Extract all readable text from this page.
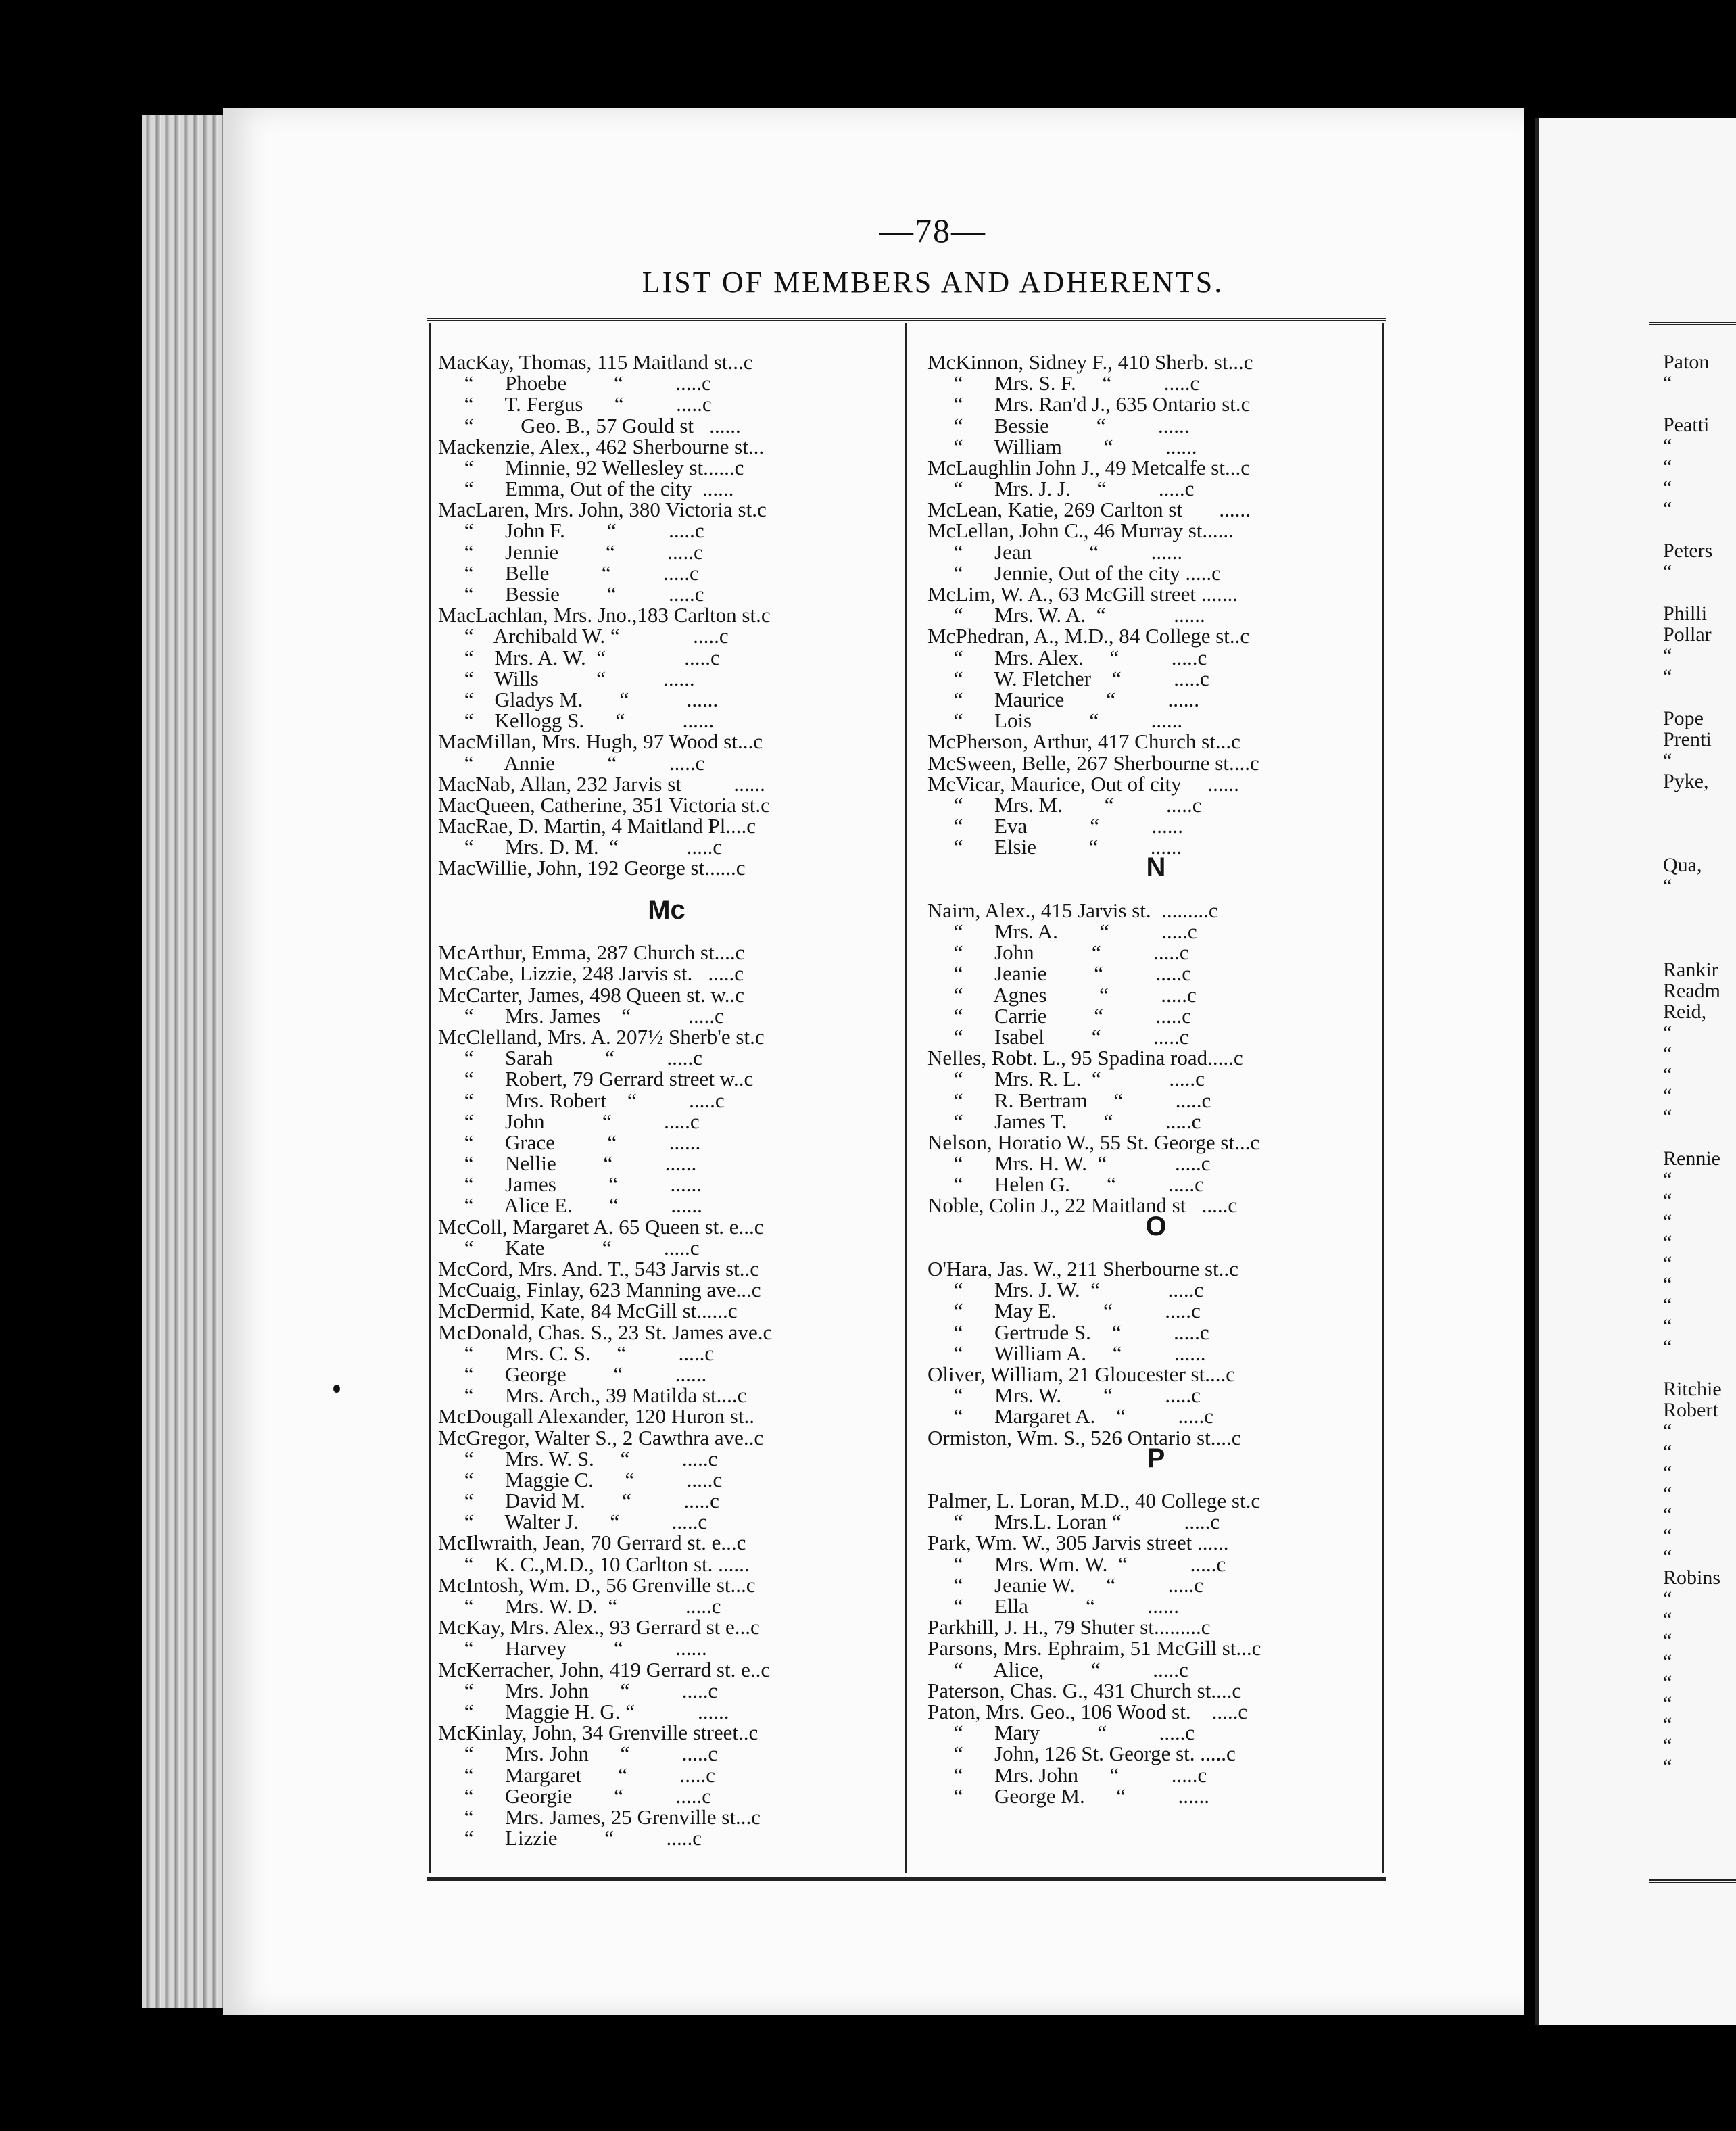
—78—
LIST OF MEMBERS AND ADHERENTS.
MacKay, Thomas, 115 Maitland st...c
“      Phoebe         “          .....c
“      T. Fergus      “          .....c
“         Geo. B., 57 Gould st   ......
Mackenzie, Alex., 462 Sherbourne st...
“      Minnie, 92 Wellesley st......c
“      Emma, Out of the city  ......
MacLaren, Mrs. John, 380 Victoria st.c
“      John F.        “          .....c
“      Jennie         “          .....c
“      Belle          “          .....c
“      Bessie         “          .....c
MacLachlan, Mrs. Jno.,183 Carlton st.c
“    Archibald W. “              .....c
“    Mrs. A. W.  “               .....c
“    Wills           “           ......
“    Gladys M.       “           ......
“    Kellogg S.      “           ......
MacMillan, Mrs. Hugh, 97 Wood st...c
“      Annie          “          .....c
MacNab, Allan, 232 Jarvis st          ......
MacQueen, Catherine, 351 Victoria st.c
MacRae, D. Martin, 4 Maitland Pl....c
“      Mrs. D. M.  “             .....c
MacWillie, John, 192 George st......c
Mc
McArthur, Emma, 287 Church st....c
McCabe, Lizzie, 248 Jarvis st.   .....c
McCarter, James, 498 Queen st. w..c
“      Mrs. James    “           .....c
McClelland, Mrs. A. 207½ Sherb'e st.c
“      Sarah          “          .....c
“      Robert, 79 Gerrard street w..c
“      Mrs. Robert    “          .....c
“      John           “          .....c
“      Grace          “          ......
“      Nellie         “          ......
“      James          “          ......
“      Alice E.       “          ......
McColl, Margaret A. 65 Queen st. e...c
“      Kate           “          .....c
McCord, Mrs. And. T., 543 Jarvis st..c
McCuaig, Finlay, 623 Manning ave...c
McDermid, Kate, 84 McGill st......c
McDonald, Chas. S., 23 St. James ave.c
“      Mrs. C. S.     “          .....c
“      George         “          ......
“      Mrs. Arch., 39 Matilda st....c
McDougall Alexander, 120 Huron st..
McGregor, Walter S., 2 Cawthra ave..c
“      Mrs. W. S.     “          .....c
“      Maggie C.      “          .....c
“      David M.       “          .....c
“      Walter J.      “          .....c
McIlwraith, Jean, 70 Gerrard st. e...c
“    K. C.,M.D., 10 Carlton st. ......
McIntosh, Wm. D., 56 Grenville st...c
“      Mrs. W. D.  “             .....c
McKay, Mrs. Alex., 93 Gerrard st e...c
“      Harvey         “          ......
McKerracher, John, 419 Gerrard st. e..c
“      Mrs. John      “          .....c
“      Maggie H. G. “            ......
McKinlay, John, 34 Grenville street..c
“      Mrs. John      “          .....c
“      Margaret       “          .....c
“      Georgie        “          .....c
“      Mrs. James, 25 Grenville st...c
“      Lizzie         “          .....c
McKinnon, Sidney F., 410 Sherb. st...c
“      Mrs. S. F.     “          .....c
“      Mrs. Ran'd J., 635 Ontario st.c
“      Bessie         “          ......
“      William        “          ......
McLaughlin John J., 49 Metcalfe st...c
“      Mrs. J. J.     “          .....c
McLean, Katie, 269 Carlton st       ......
McLellan, John C., 46 Murray st......
“      Jean           “          ......
“      Jennie, Out of the city .....c
McLim, W. A., 63 McGill street .......
“      Mrs. W. A.  “             ......
McPhedran, A., M.D., 84 College st..c
“      Mrs. Alex.     “          .....c
“      W. Fletcher    “          .....c
“      Maurice        “          ......
“      Lois           “          ......
McPherson, Arthur, 417 Church st...c
McSween, Belle, 267 Sherbourne st....c
McVicar, Maurice, Out of city     ......
“      Mrs. M.        “          .....c
“      Eva            “          ......
“      Elsie          “          ......
N
Nairn, Alex., 415 Jarvis st.  .........c
“      Mrs. A.        “          .....c
“      John           “          .....c
“      Jeanie         “          .....c
“      Agnes          “          .....c
“      Carrie         “          .....c
“      Isabel         “          .....c
Nelles, Robt. L., 95 Spadina road.....c
“      Mrs. R. L.  “             .....c
“      R. Bertram     “          .....c
“      James T.       “          .....c
Nelson, Horatio W., 55 St. George st...c
“      Mrs. H. W.  “             .....c
“      Helen G.       “          .....c
Noble, Colin J., 22 Maitland st   .....c
O
O'Hara, Jas. W., 211 Sherbourne st..c
“      Mrs. J. W.  “             .....c
“      May E.         “          .....c
“      Gertrude S.    “          .....c
“      William A.     “          ......
Oliver, William, 21 Gloucester st....c
“      Mrs. W.        “          .....c
“      Margaret A.    “          .....c
Ormiston, Wm. S., 526 Ontario st....c
P
Palmer, L. Loran, M.D., 40 College st.c
“      Mrs.L. Loran “            .....c
Park, Wm. W., 305 Jarvis street ......
“      Mrs. Wm. W.  “            .....c
“      Jeanie W.      “          .....c
“      Ella           “          ......
Parkhill, J. H., 79 Shuter st.........c
Parsons, Mrs. Ephraim, 51 McGill st...c
“      Alice,         “          .....c
Paterson, Chas. G., 431 Church st....c
Paton, Mrs. Geo., 106 Wood st.    .....c
“      Mary           “          .....c
“      John, 126 St. George st. .....c
“      Mrs. John      “          .....c
“      George M.      “          ......
Paton
“
Peatti
“
“
“
“
Peters
“
Philli
Pollar
“
“
Pope
Prenti
“
Pyke,
Qua,
“
Rankir
Readm
Reid,
“
“
“
“
“
Rennie
“
“
“
“
“
“
“
“
“
Ritchie
Robert
“
“
“
“
“
“
“
Robins
“
“
“
“
“
“
“
“
“
